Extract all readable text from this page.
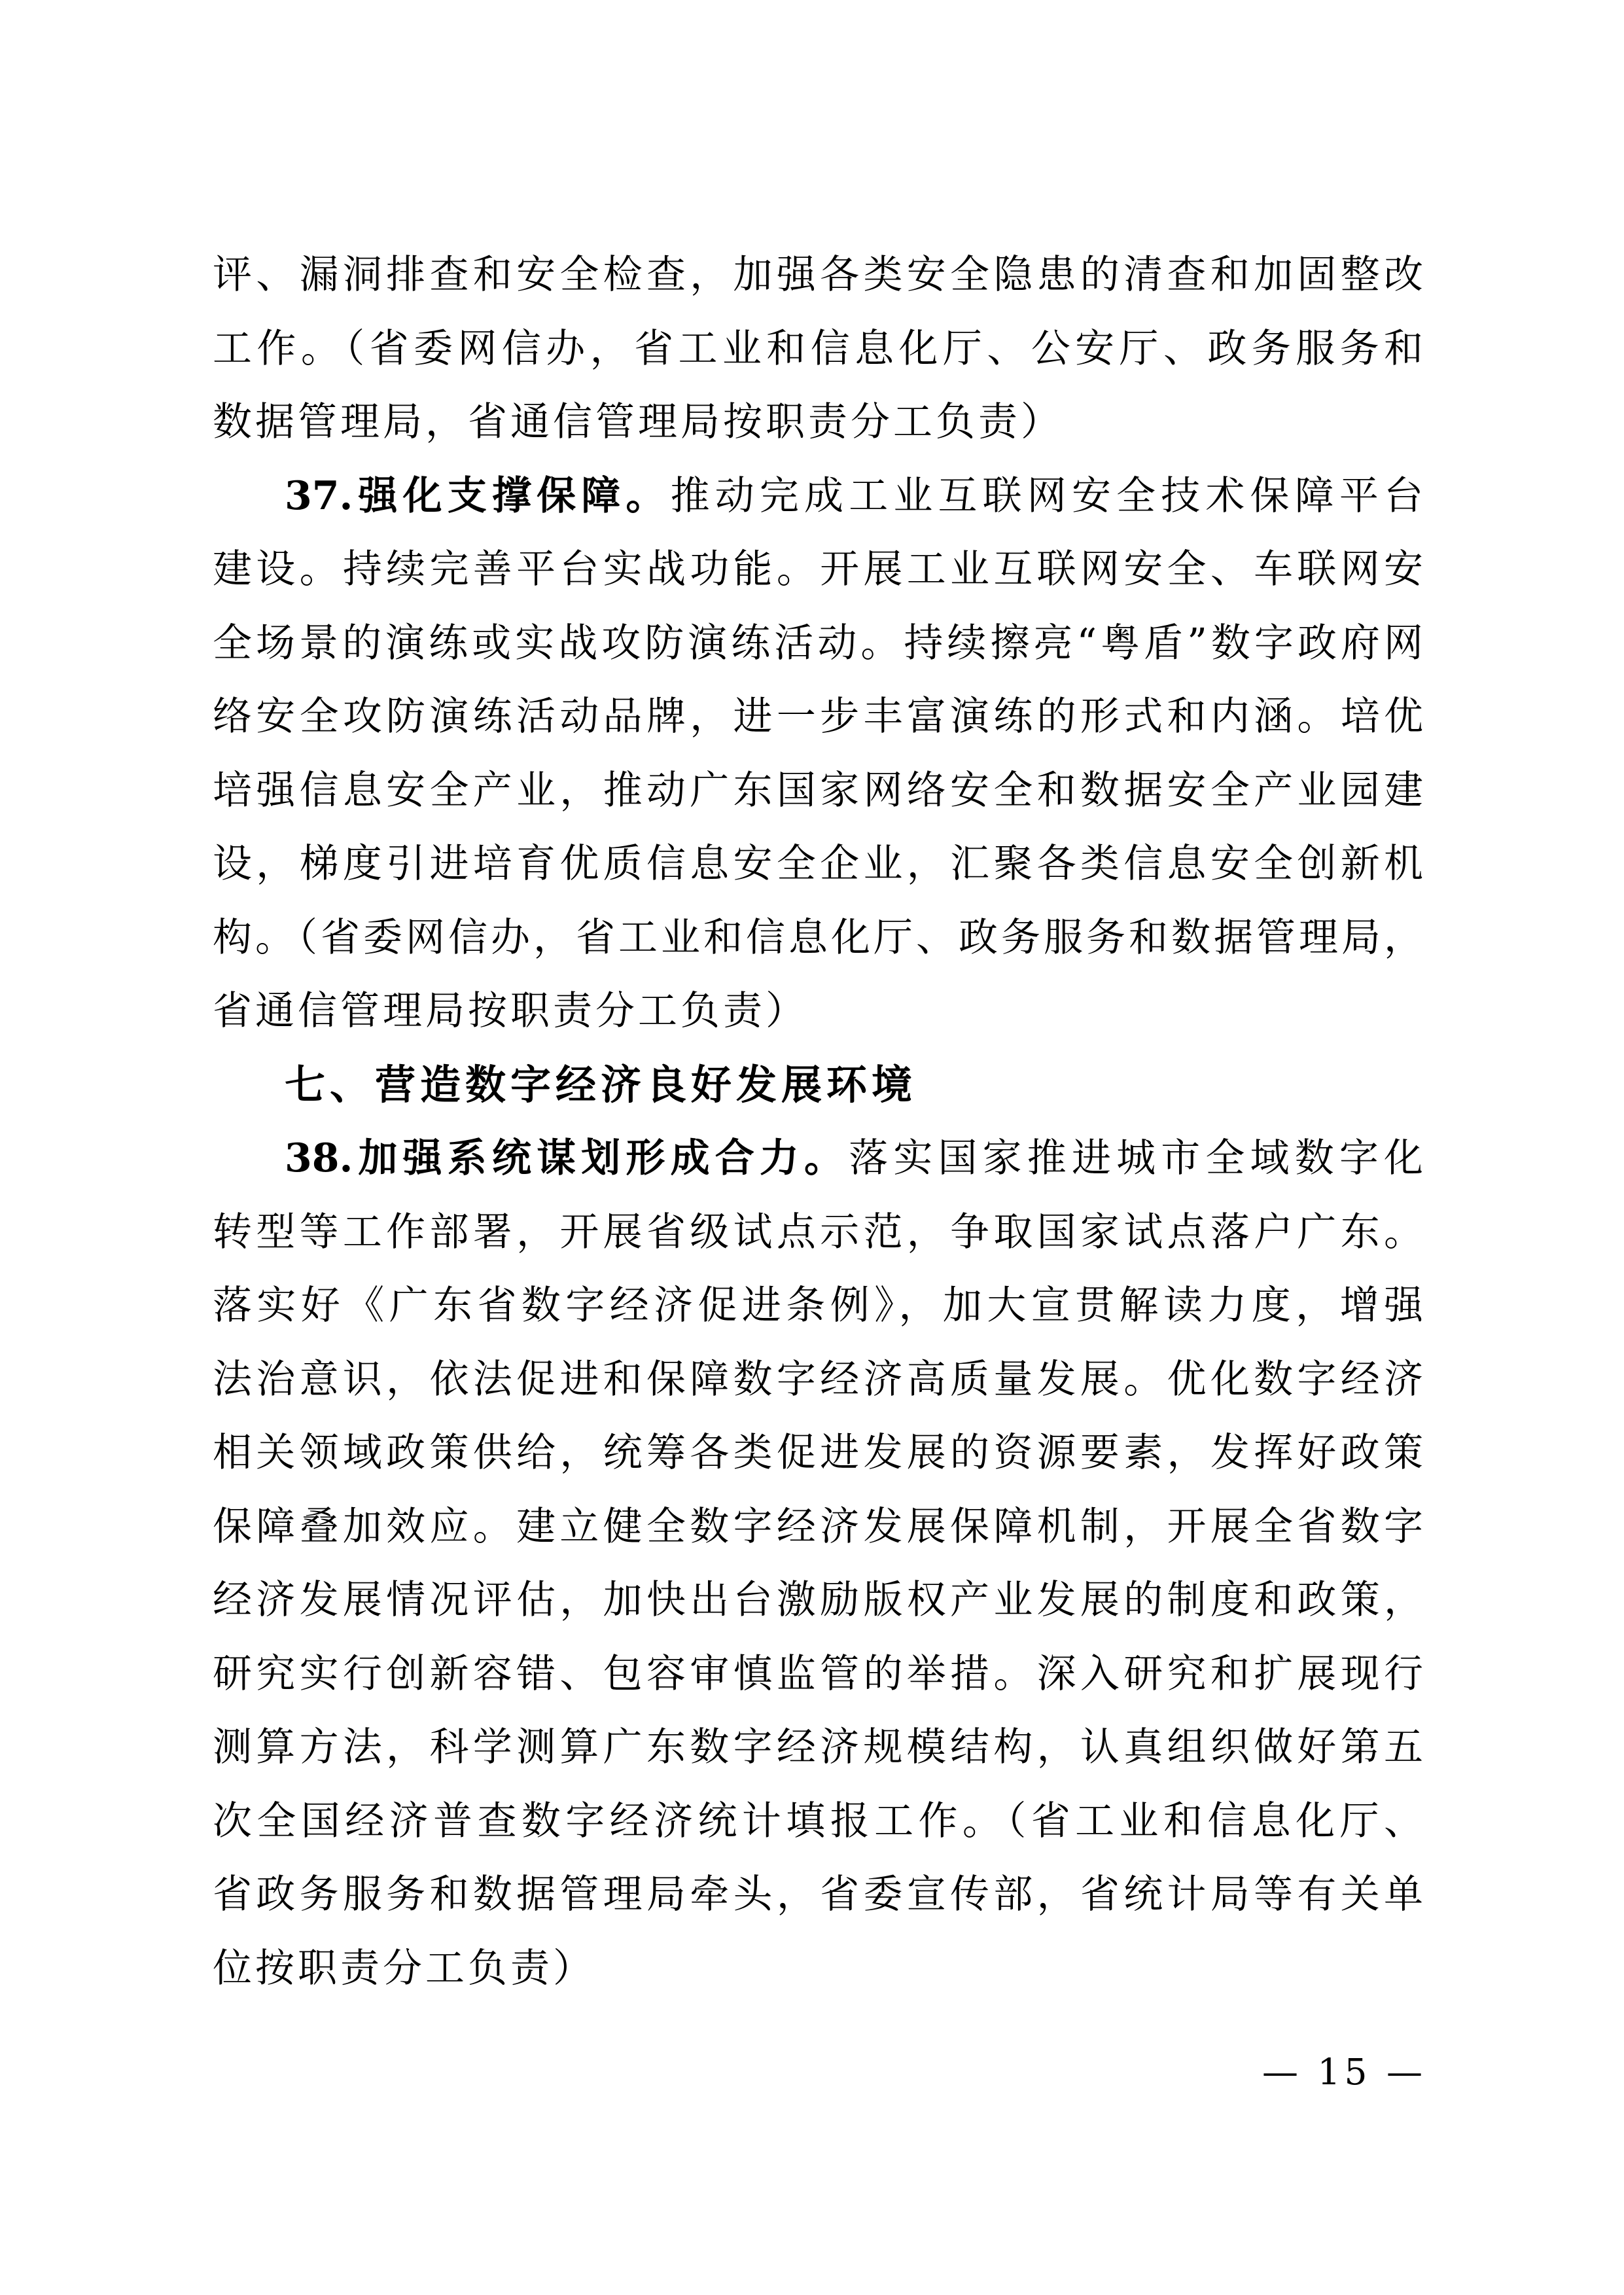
评、漏洞排查和安全检查，加强各类安全隐患的清查和加固整改
工作。（省委网信办，省工业和信息化厅、公安厅、政务服务和
数据管理局，省通信管理局按职责分工负责）
37.强化支撑保障。推动完成工业互联网安全技术保障平台
建设。持续完善平台实战功能。开展工业互联网安全、车联网安
全场景的演练或实战攻防演练活动。持续擦亮“粤盾”数字政府网
络安全攻防演练活动品牌，进一步丰富演练的形式和内涵。培优
培强信息安全产业，推动广东国家网络安全和数据安全产业园建
设，梯度引进培育优质信息安全企业，汇聚各类信息安全创新机
构。（省委网信办，省工业和信息化厅、政务服务和数据管理局，
省通信管理局按职责分工负责）
七、营造数字经济良好发展环境
38.加强系统谋划形成合力。落实国家推进城市全域数字化
转型等工作部署，开展省级试点示范，争取国家试点落户广东。
落实好《广东省数字经济促进条例》，加大宣贯解读力度，增强
法治意识，依法促进和保障数字经济高质量发展。优化数字经济
相关领域政策供给，统筹各类促进发展的资源要素，发挥好政策
保障叠加效应。建立健全数字经济发展保障机制，开展全省数字
经济发展情况评估，加快出台激励版权产业发展的制度和政策，
研究实行创新容错、包容审慎监管的举措。深入研究和扩展现行
测算方法，科学测算广东数字经济规模结构，认真组织做好第五
次全国经济普查数字经济统计填报工作。（省工业和信息化厅、
省政务服务和数据管理局牵头，省委宣传部，省统计局等有关单
位按职责分工负责）
— 15 —
